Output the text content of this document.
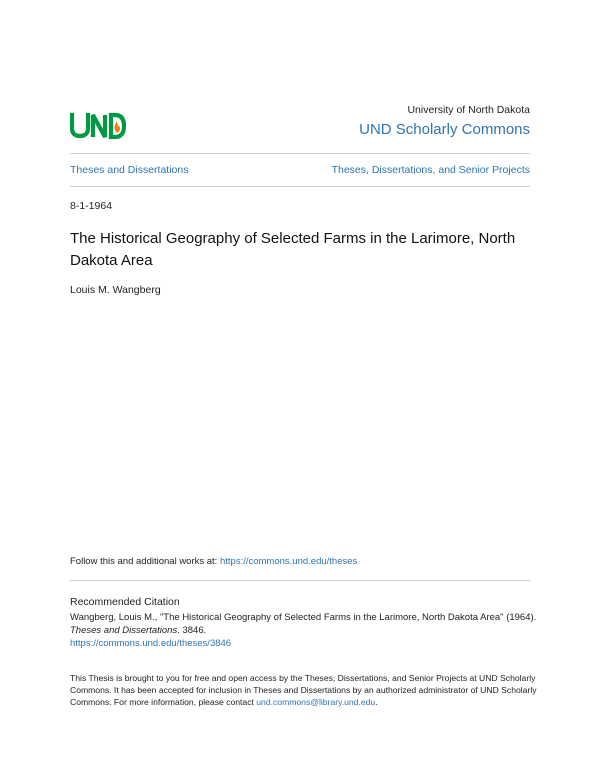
University of North Dakota
UND Scholarly Commons
Theses and Dissertations	Theses, Dissertations, and Senior Projects
8-1-1964
The Historical Geography of Selected Farms in the Larimore, North Dakota Area
Louis M. Wangberg
Follow this and additional works at: https://commons.und.edu/theses
Recommended Citation
Wangberg, Louis M., "The Historical Geography of Selected Farms in the Larimore, North Dakota Area" (1964). Theses and Dissertations. 3846.
https://commons.und.edu/theses/3846
This Thesis is brought to you for free and open access by the Theses, Dissertations, and Senior Projects at UND Scholarly Commons. It has been accepted for inclusion in Theses and Dissertations by an authorized administrator of UND Scholarly Commons. For more information, please contact und.commons@library.und.edu.
